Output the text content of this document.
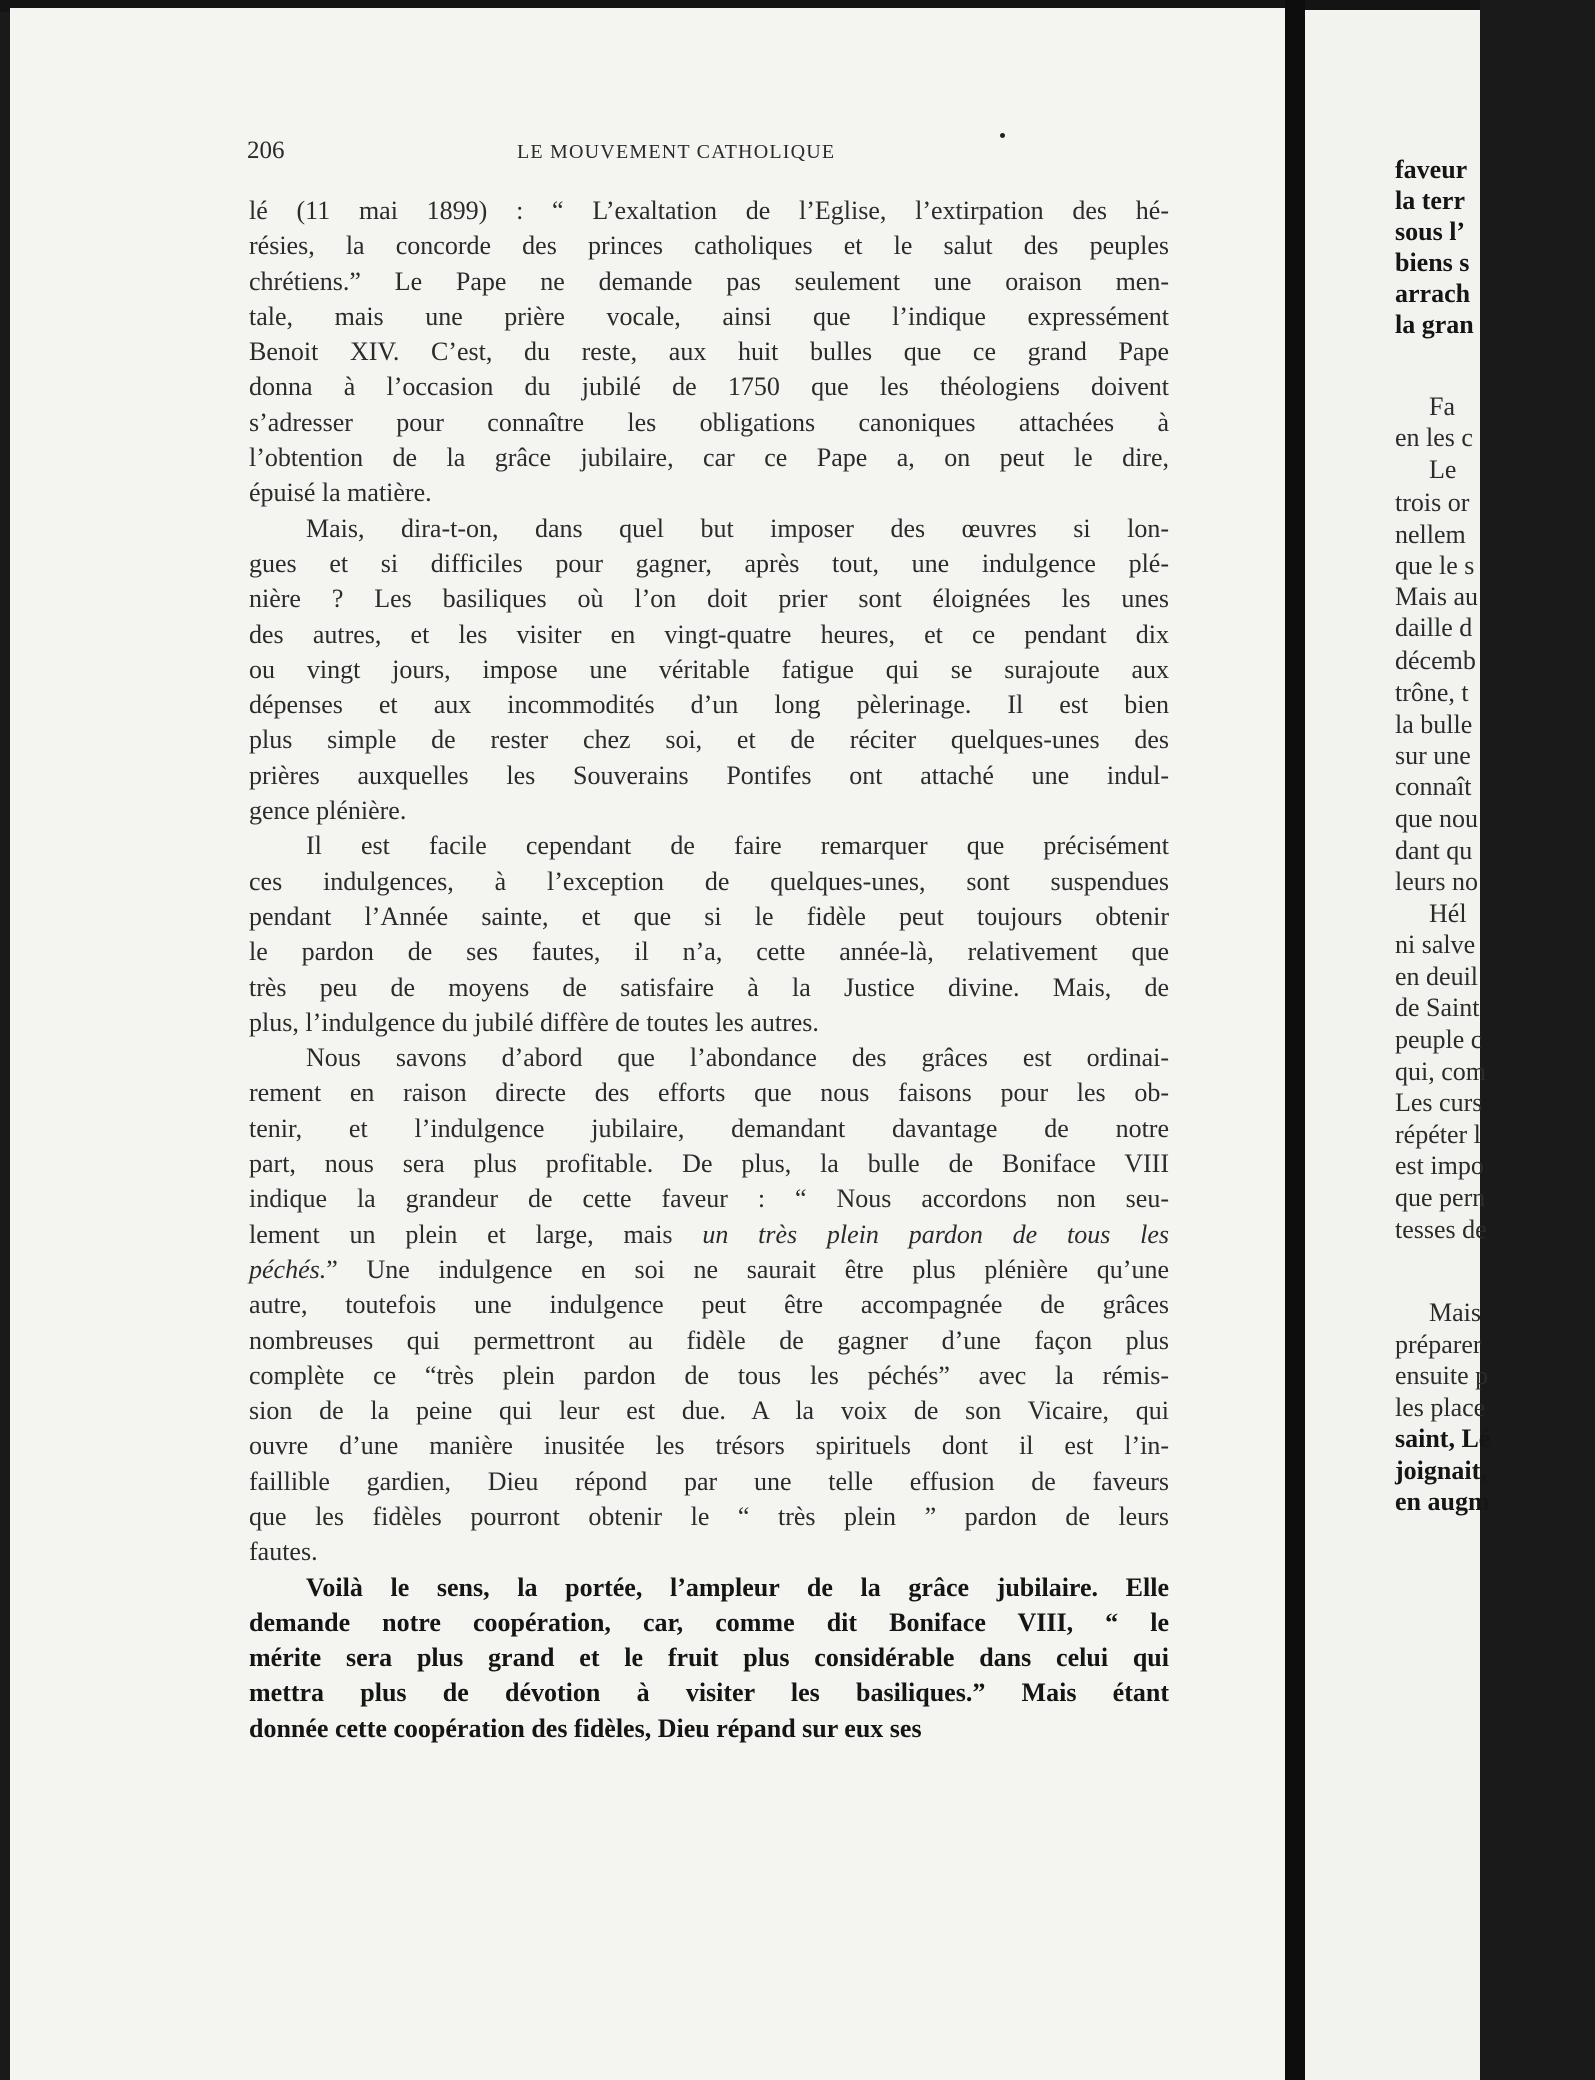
faveur
la terr
sous l’
biens s
arrach
la gran
Fa
en les c
Le
trois or
nellem
que le s
Mais au
daille d
décemb
trône, t
la bulle
sur une
connaît
que nou
dant qu
leurs no
Hél
ni salve
en deuil
de Saint
peuple c
qui, com
Les curs
répéter l
est impo
que pern
tesses de
Mais
préparer
ensuite p
les place
saint, Lé
joignait,
en augm
206	LE MOUVEMENT CATHOLIQUE
lé (11 mai 1899) : “ L’exaltation de l’Eglise, l’extirpation des hé-
résies, la concorde des princes catholiques et le salut des peuples
chrétiens.” Le Pape ne demande pas seulement une oraison men-
tale, mais une prière vocale, ainsi que l’indique expressément
Benoit XIV. C’est, du reste, aux huit bulles que ce grand Pape
donna à l’occasion du jubilé de 1750 que les théologiens doivent
s’adresser pour connaître les obligations canoniques attachées à
l’obtention de la grâce jubilaire, car ce Pape a, on peut le dire,
épuisé la matière.
Mais, dira-t-on, dans quel but imposer des œuvres si lon-
gues et si difficiles pour gagner, après tout, une indulgence plé-
nière ? Les basiliques où l’on doit prier sont éloignées les unes
des autres, et les visiter en vingt-quatre heures, et ce pendant dix
ou vingt jours, impose une véritable fatigue qui se surajoute aux
dépenses et aux incommodités d’un long pèlerinage. Il est bien
plus simple de rester chez soi, et de réciter quelques-unes des
prières auxquelles les Souverains Pontifes ont attaché une indul-
gence plénière.
Il est facile cependant de faire remarquer que précisément
ces indulgences, à l’exception de quelques-unes, sont suspendues
pendant l’Année sainte, et que si le fidèle peut toujours obtenir
le pardon de ses fautes, il n’a, cette année-là, relativement que
très peu de moyens de satisfaire à la Justice divine. Mais, de
plus, l’indulgence du jubilé diffère de toutes les autres.
Nous savons d’abord que l’abondance des grâces est ordinai-
rement en raison directe des efforts que nous faisons pour les ob-
tenir, et l’indulgence jubilaire, demandant davantage de notre
part, nous sera plus profitable. De plus, la bulle de Boniface VIII
indique la grandeur de cette faveur : “ Nous accordons non seu-
lement un plein et large, mais un très plein pardon de tous les
péchés.” Une indulgence en soi ne saurait être plus plénière qu’une
autre, toutefois une indulgence peut être accompagnée de grâces
nombreuses qui permettront au fidèle de gagner d’une façon plus
complète ce “très plein pardon de tous les péchés” avec la rémis-
sion de la peine qui leur est due. A la voix de son Vicaire, qui
ouvre d’une manière inusitée les trésors spirituels dont il est l’in-
faillible gardien, Dieu répond par une telle effusion de faveurs
que les fidèles pourront obtenir le “ très plein ” pardon de leurs
fautes.
Voilà le sens, la portée, l’ampleur de la grâce jubilaire. Elle
demande notre coopération, car, comme dit Boniface VIII, “ le
mérite sera plus grand et le fruit plus considérable dans celui qui
mettra plus de dévotion à visiter les basiliques.” Mais étant
donnée cette coopération des fidèles, Dieu répand sur eux ses
